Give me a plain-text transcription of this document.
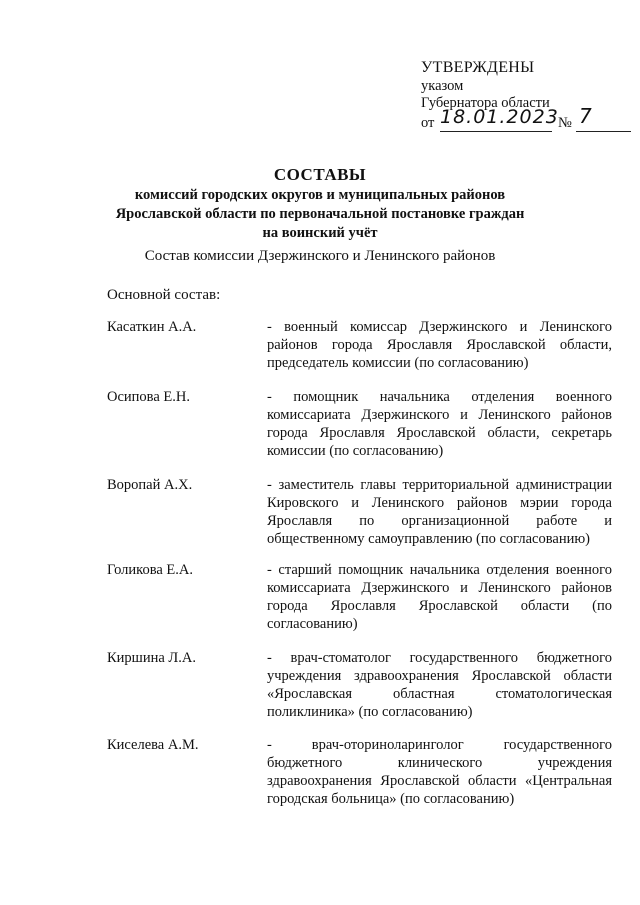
УТВЕРЖДЕНЫ
указом
Губернатора области
от 18.01.2023 № 7
СОСТАВЫ
комиссий городских округов и муниципальных районов
Ярославской области по первоначальной постановке граждан
на воинский учёт
Состав комиссии Дзержинского и Ленинского районов
Основной состав:
Касаткин А.А.	- военный комиссар Дзержинского и Ленинского районов города Ярославля Ярославской области, председатель комиссии (по согласованию)
Осипова Е.Н.	- помощник начальника отделения военного комиссариата Дзержинского и Ленинского районов города Ярославля Ярославской области, секретарь комиссии (по согласованию)
Воропай А.Х.	- заместитель главы территориальной администрации Кировского и Ленинского районов мэрии города Ярославля по организационной работе и общественному самоуправлению (по согласованию)
Голикова Е.А.	- старший помощник начальника отделения военного комиссариата Дзержинского и Ленинского районов города Ярославля Ярославской области (по согласованию)
Киршина Л.А.	- врач-стоматолог государственного бюджетного учреждения здравоохранения Ярославской области «Ярославская областная стоматологическая поликлиника» (по согласованию)
Киселева А.М.	- врач-оториноларинголог государственного бюджетного клинического учреждения здравоохранения Ярославской области «Центральная городская больница» (по согласованию)
